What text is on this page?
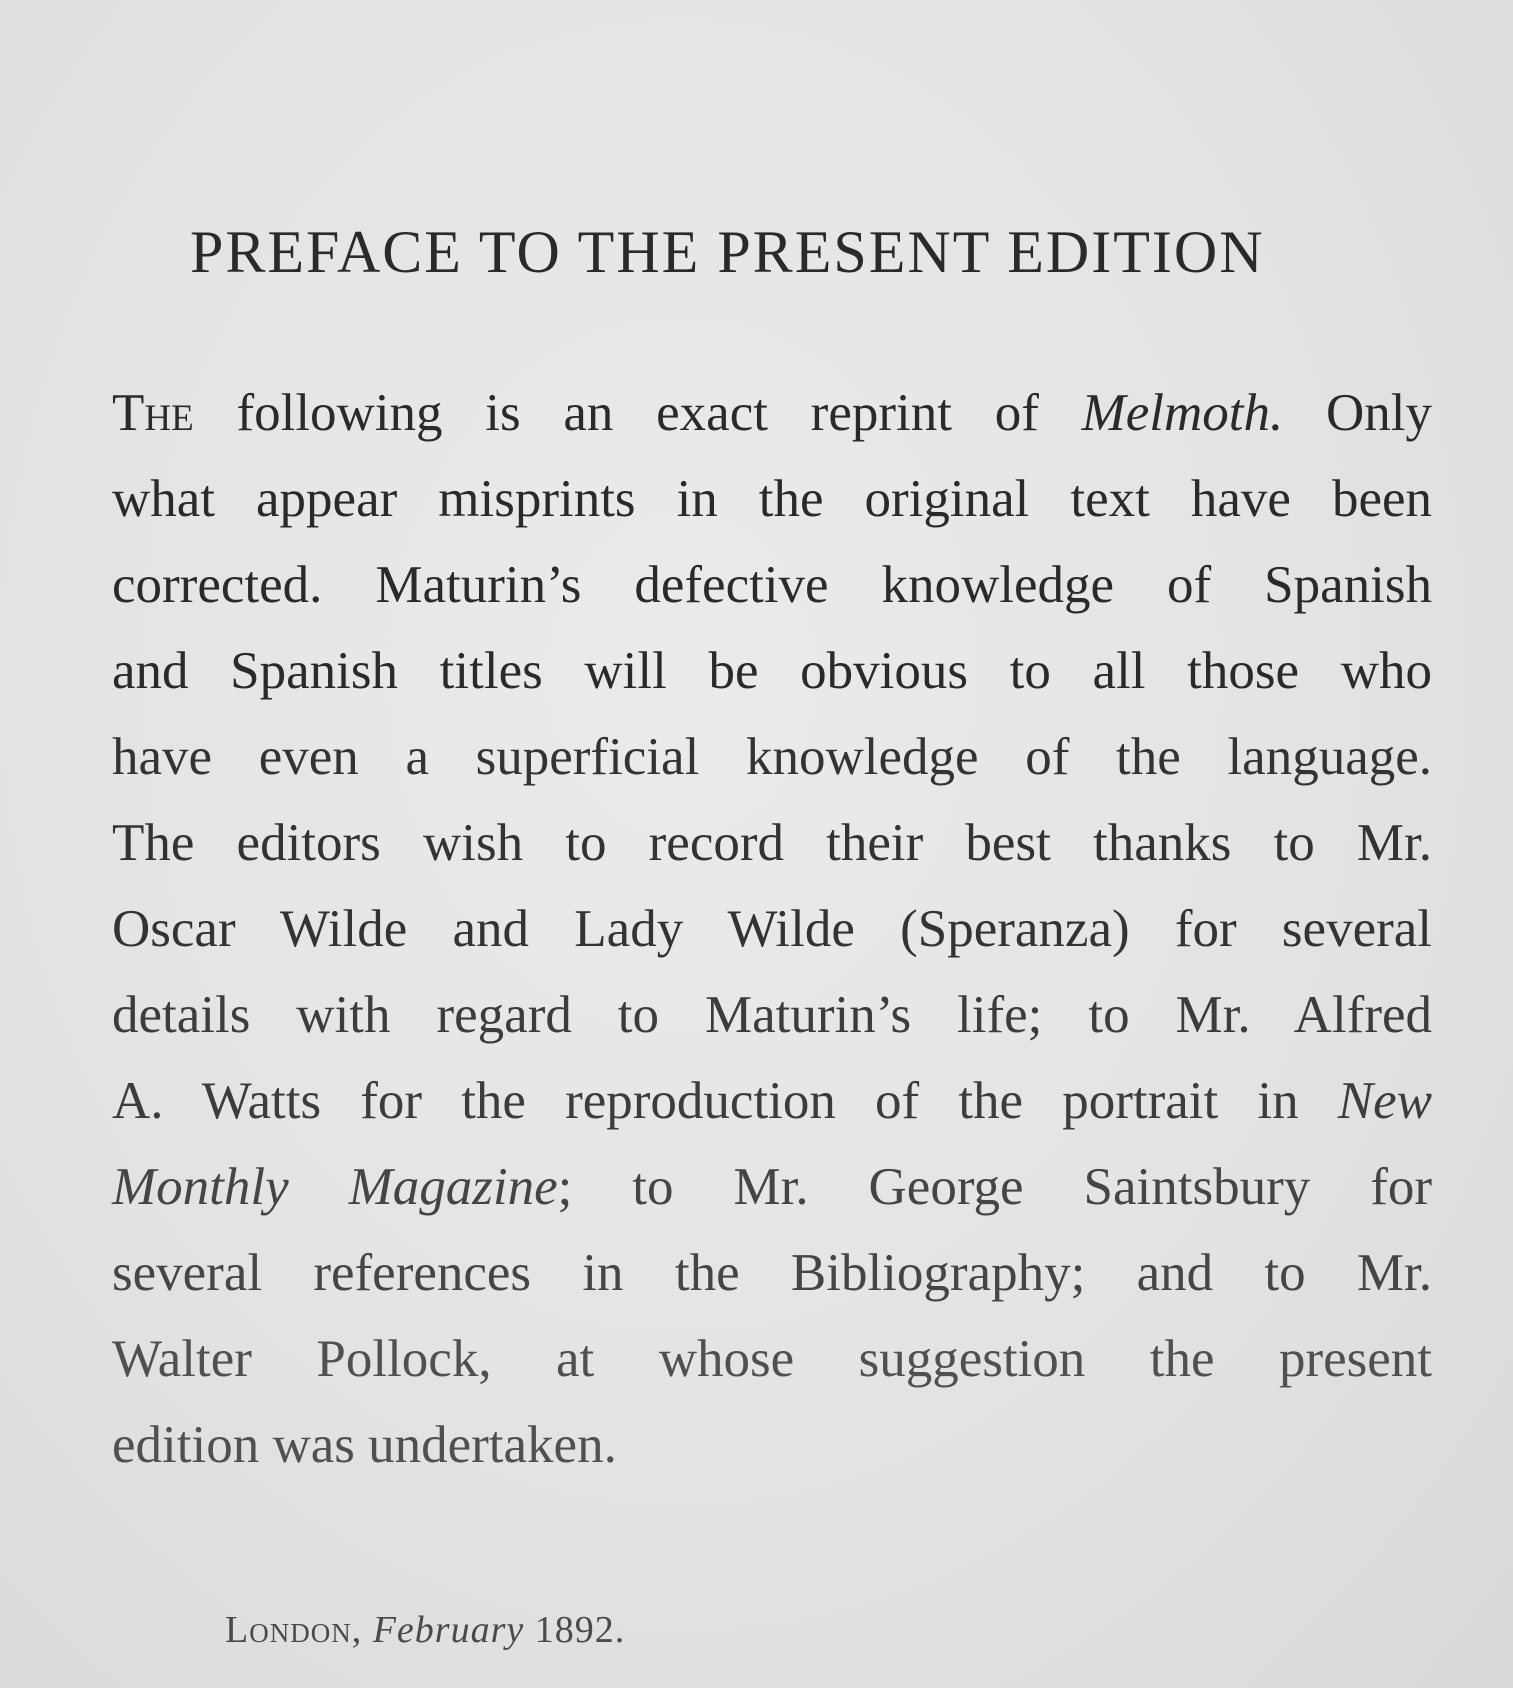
PREFACE TO THE PRESENT EDITION
The following is an exact reprint of Melmoth. Only
what appear misprints in the original text have been
corrected. Maturin’s defective knowledge of Spanish
and Spanish titles will be obvious to all those who
have even a superficial knowledge of the language.
The editors wish to record their best thanks to Mr.
Oscar Wilde and Lady Wilde (Speranza) for several
details with regard to Maturin’s life; to Mr. Alfred
A. Watts for the reproduction of the portrait in New
Monthly Magazine; to Mr. George Saintsbury for
several references in the Bibliography; and to Mr.
Walter Pollock, at whose suggestion the present
edition was undertaken.
London, February 1892.
